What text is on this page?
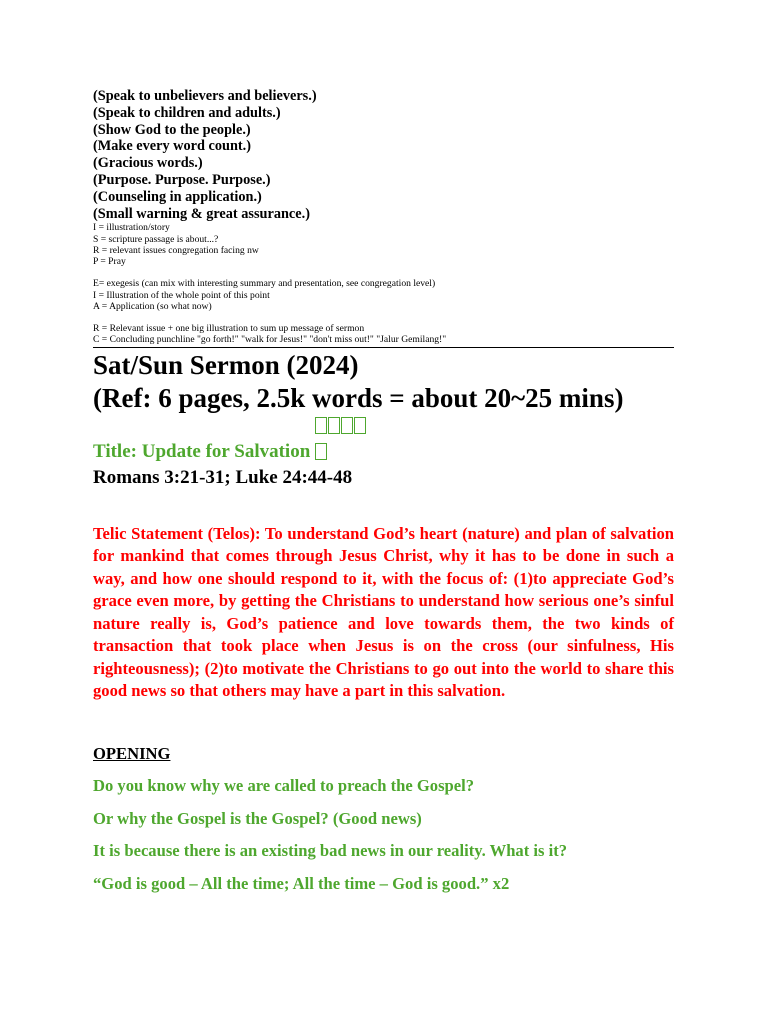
(Speak to unbelievers and believers.)
(Speak to children and adults.)
(Show God to the people.)
(Make every word count.)
(Gracious words.)
(Purpose. Purpose. Purpose.)
(Counseling in application.)
(Small warning & great assurance.)
I = illustration/story
S = scripture passage is about...?
R = relevant issues congregation facing nw
P = Pray
E= exegesis (can mix with interesting summary and presentation, see congregation level)
I = Illustration of the whole point of this point
A = Application (so what now)
R = Relevant issue + one big illustration to sum up message of sermon
C = Concluding punchline "go forth!" "walk for Jesus!" "don't miss out!" "Jalur Gemilang!"
Sat/Sun Sermon (2024)
(Ref: 6 pages, 2.5k words = about 20~25 mins)
Title: Update for Salvation
Romans 3:21-31; Luke 24:44-48
Telic Statement (Telos): To understand God’s heart (nature) and plan of salvation for mankind that comes through Jesus Christ, why it has to be done in such a way, and how one should respond to it, with the focus of: (1)to appreciate God’s grace even more, by getting the Christians to understand how serious one’s sinful nature really is, God’s patience and love towards them, the two kinds of transaction that took place when Jesus is on the cross (our sinfulness, His righteousness); (2)to motivate the Christians to go out into the world to share this good news so that others may have a part in this salvation.
OPENING
Do you know why we are called to preach the Gospel?
Or why the Gospel is the Gospel? (Good news)
It is because there is an existing bad news in our reality. What is it?
“God is good – All the time; All the time – God is good.” x2
